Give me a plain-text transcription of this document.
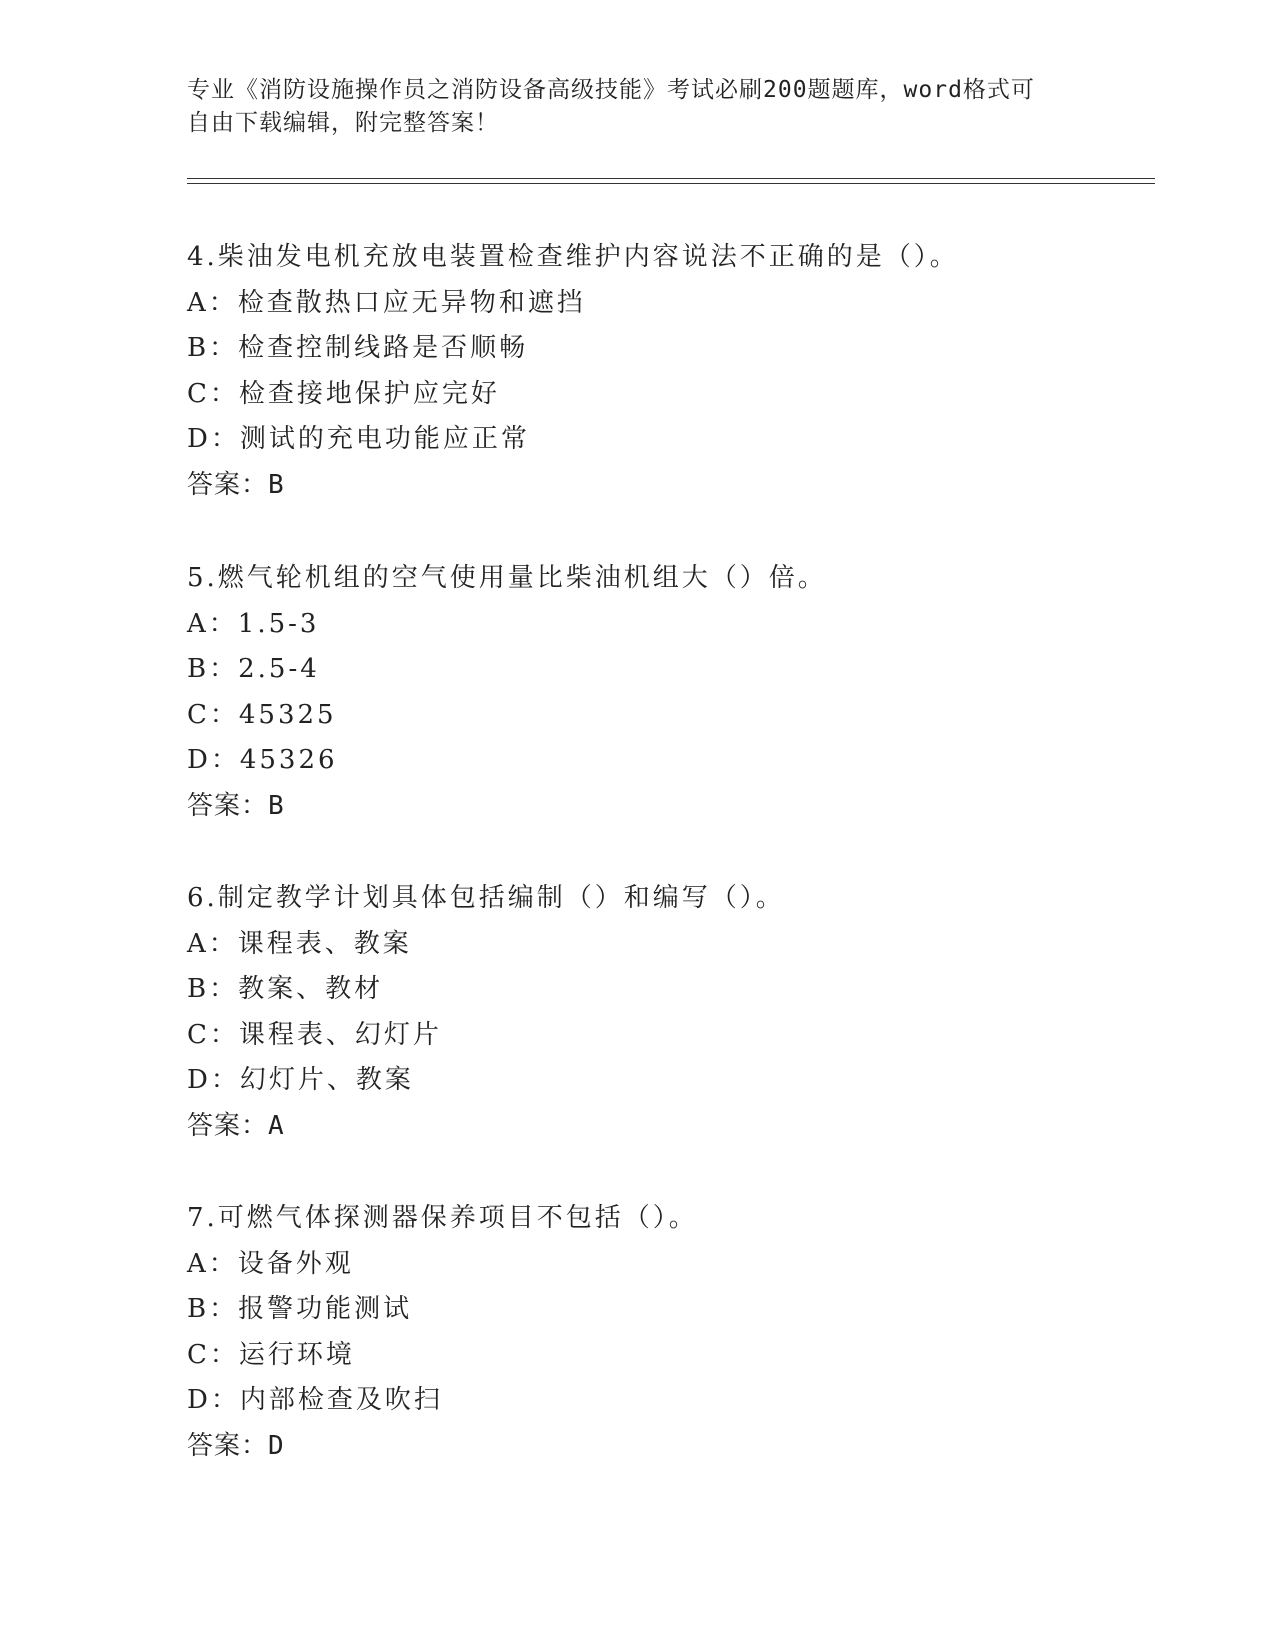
专业《消防设施操作员之消防设备高级技能》考试必刷200题题库，word格式可
自由下载编辑，附完整答案！
4.柴油发电机充放电装置检查维护内容说法不正确的是（）。
A：检查散热口应无异物和遮挡
B：检查控制线路是否顺畅
C：检查接地保护应完好
D：测试的充电功能应正常
答案：B
5.燃气轮机组的空气使用量比柴油机组大（）倍。
A：1.5-3
B：2.5-4
C：45325
D：45326
答案：B
6.制定教学计划具体包括编制（）和编写（）。
A：课程表、教案
B：教案、教材
C：课程表、幻灯片
D：幻灯片、教案
答案：A
7.可燃气体探测器保养项目不包括（）。
A：设备外观
B：报警功能测试
C：运行环境
D：内部检查及吹扫
答案：D
